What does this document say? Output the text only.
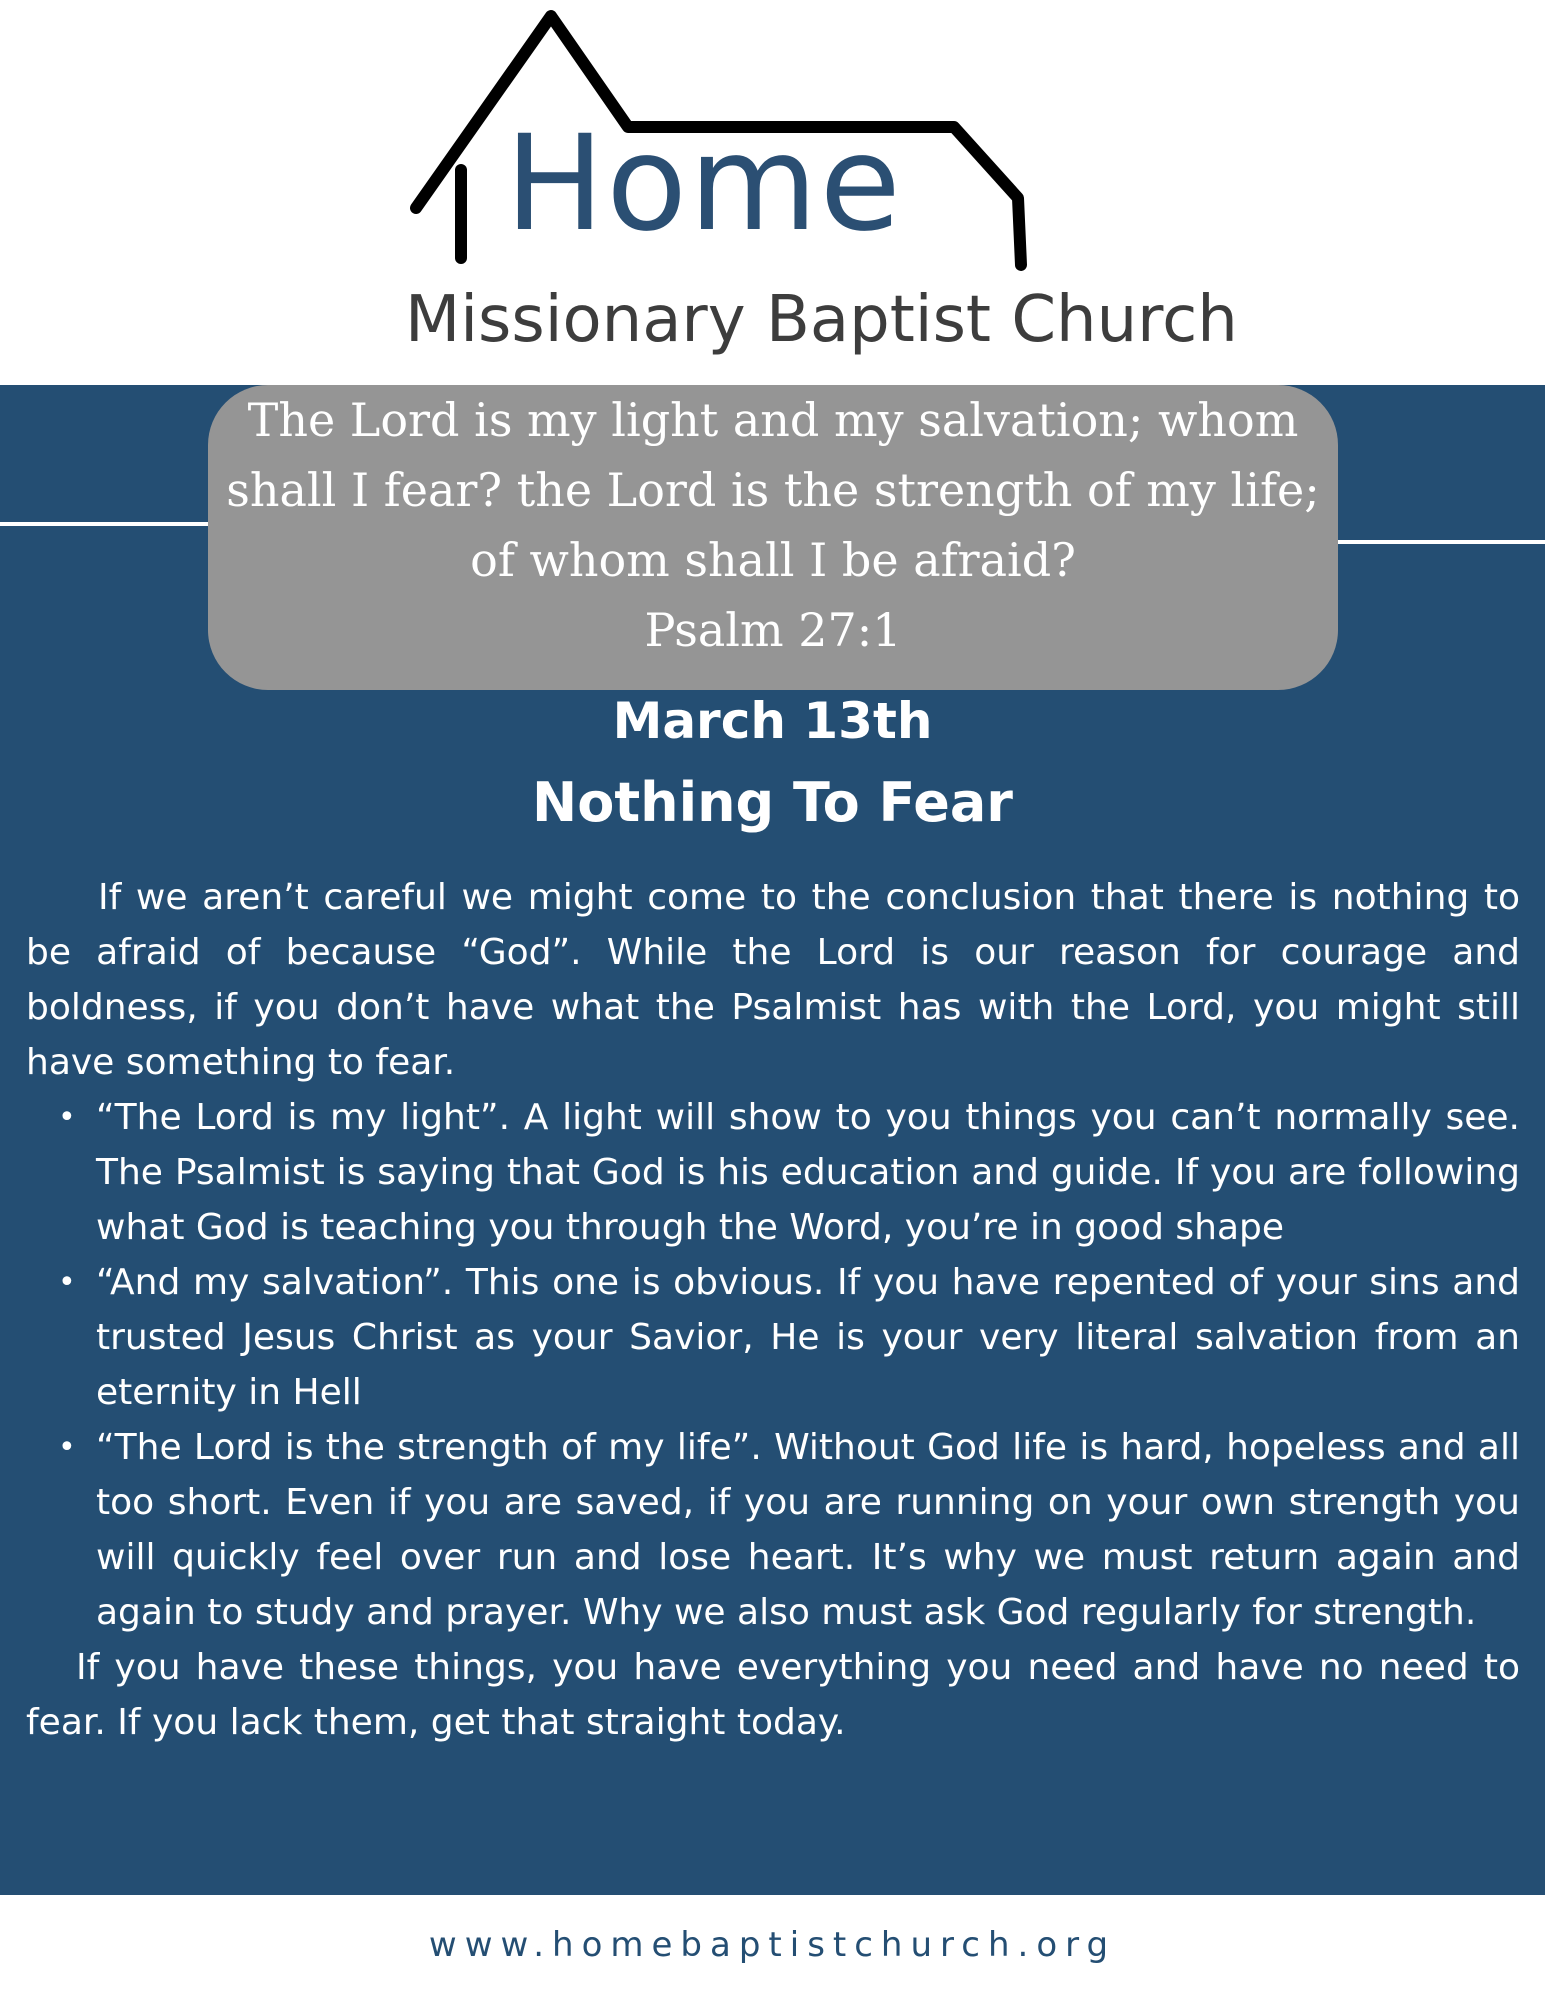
Home
Missionary Baptist Church
The Lord is my light and my salvation; whom shall I fear? the Lord is the strength of my life; of whom shall I be afraid?
Psalm 27:1
March 13th
Nothing To Fear

If we aren’t careful we might come to the conclusion that there is nothing to be afraid of because “God”. While the Lord is our reason for courage and boldness, if you don’t have what the Psalmist has with the Lord, you might still have something to fear.

• “The Lord is my light”. A light will show to you things you can’t normally see. The Psalmist is saying that God is his education and guide. If you are following what God is teaching you through the Word, you’re in good shape
• “And my salvation”. This one is obvious. If you have repented of your sins and trusted Jesus Christ as your Savior, He is your very literal salvation from an eternity in Hell
• “The Lord is the strength of my life”. Without God life is hard, hopeless and all too short. Even if you are saved, if you are running on your own strength you will quickly feel over run and lose heart. It’s why we must return again and again to study and prayer. Why we also must ask God regularly for strength.

If you have these things, you have everything you need and have no need to fear. If you lack them, get that straight today.

www.homebaptistchurch.org
